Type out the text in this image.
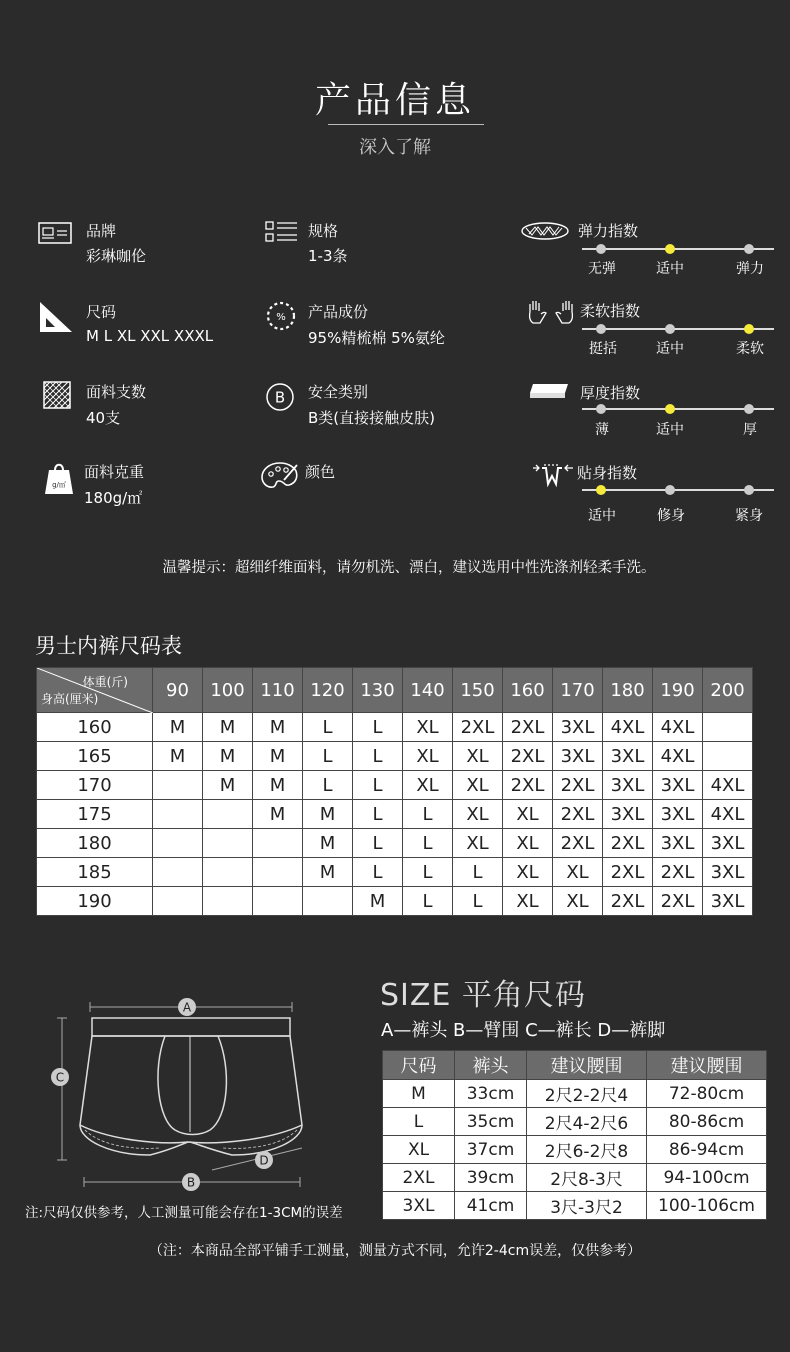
产品信息
深入了解
品牌
彩琳咖伦
尺码
M L XL XXL XXXL
面料支数
40支
g/㎡
面料克重
180g/㎡
规格
1-3条
% 产品成份
95%精梳棉 5%氨纶
B 安全类别
B类(直接接触皮肤)
颜色
弹力指数
无弹	适中	弹力
柔软指数
挺括	适中	柔软
厚度指数
薄	适中	厚
贴身指数
适中	修身	紧身
温馨提示：超细纤维面料，请勿机洗、漂白，建议选用中性洗涤剂轻柔手洗。
男士内裤尺码表
体重(斤)
身高(厘米)	90	100	110	120	130	140	150	160	170	180	190	200
160	M	M	M	L	L	XL	2XL	2XL	3XL	4XL	4XL	
165	M	M	M	L	L	XL	XL	2XL	3XL	3XL	4XL	
170		M	M	L	L	XL	XL	2XL	2XL	3XL	3XL	4XL
175			M	M	L	L	XL	XL	2XL	3XL	3XL	4XL
180				M	L	L	XL	XL	2XL	2XL	3XL	3XL
185				M	L	L	L	XL	XL	2XL	2XL	3XL
190					M	L	L	XL	XL	2XL	2XL	3XL
SIZE 平角尺码
A—裤头 B—臂围 C—裤长 D—裤脚
A
C
D
B
尺码	裤头	建议腰围	建议腰围
M	33cm	2尺2-2尺4	72-80cm
L	35cm	2尺4-2尺6	80-86cm
XL	37cm	2尺6-2尺8	86-94cm
2XL	39cm	2尺8-3尺	94-100cm
3XL	41cm	3尺-3尺2	100-106cm
注:尺码仅供参考，人工测量可能会存在1-3CM的误差
（注：本商品全部平铺手工测量，测量方式不同，允许2-4cm误差，仅供参考）
